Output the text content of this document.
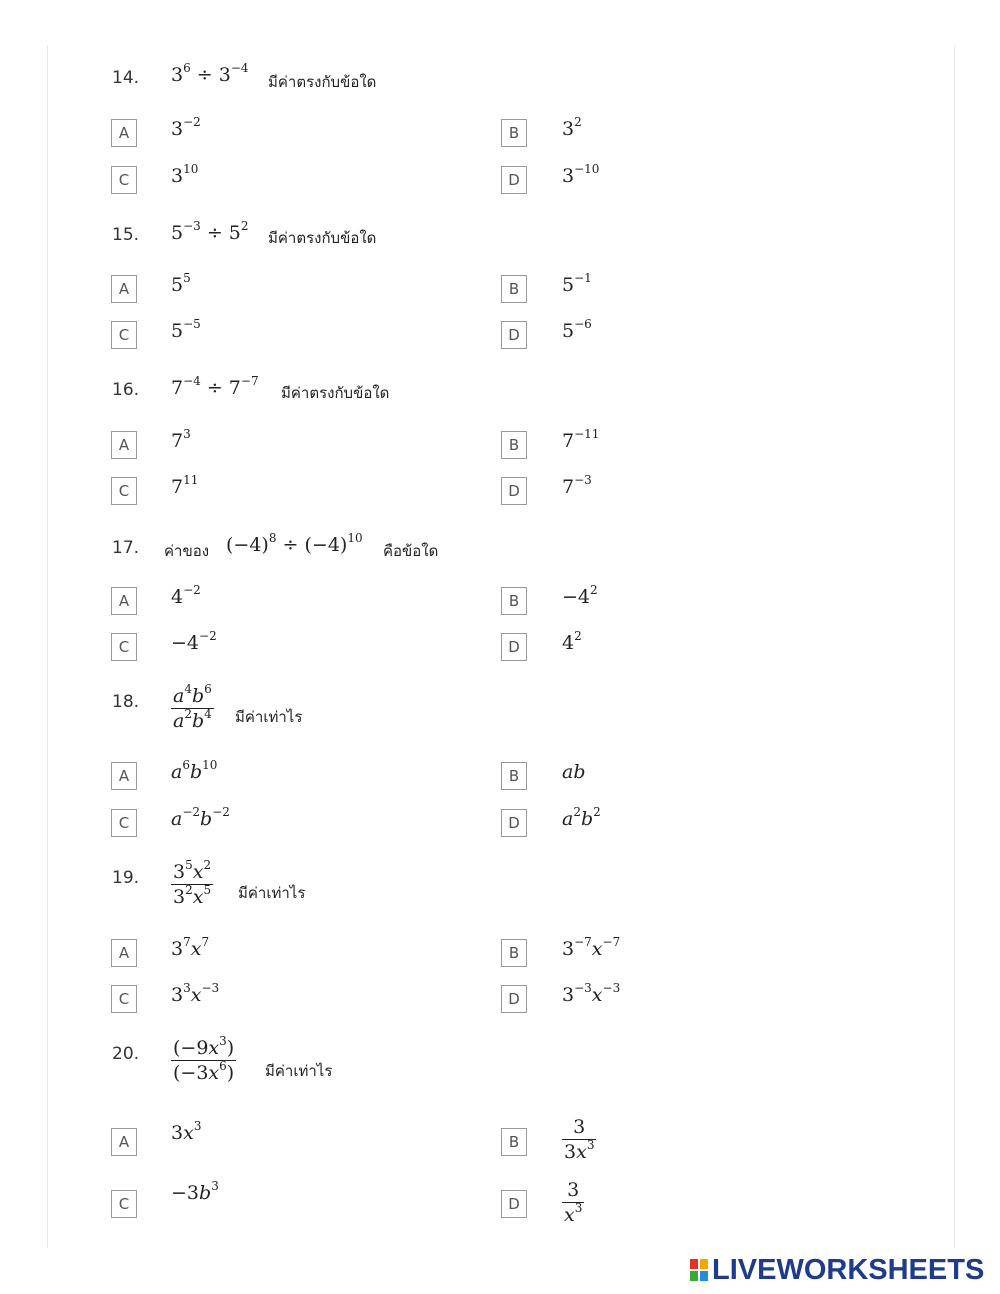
14. $3^6 \div 3^{-4}$
มีค่าตรงกับข้อใด
A	$3^{-2}$
B	$3^2$
C	$3^{10}$
D	$3^{-10}$
15. $5^{-3} \div 5^2$
มีค่าตรงกับข้อใด
A	$5^5$
B	$5^{-1}$
C	$5^{-5}$
D	$5^{-6}$
16. $7^{-4} \div 7^{-7}$
มีค่าตรงกับข้อใด
A	$7^3$
B	$7^{-11}$
C	$7^{11}$
D	$7^{-3}$
17. ค่าของ $(-4)^8 \div (-4)^{10}$
คือข้อใด
A	$4^{-2}$
B	$-4^2$
C	$-4^{-2}$
D	$4^2$
18. $\frac{a^4b^6}{a^2b^4}$ มีค่าเท่าไร
A	$a^6b^{10}$
B	ab
C	$a^{-2}b^{-2}$
D	$a^2b^2$
19. $\frac{3^5x^2}{3^2x^5}$ มีค่าเท่าไร
A	$3^7x^7$
B	$3^{-7}x^{-7}$
C	$3^3x^{-3}$
D	$3^{-3}x^{-3}$
20. $\frac{(-9x^3)}{(-3x^6)}$ มีค่าเท่าไร
A	$3x^3$
B	$\frac{3}{3x^3}$
C	$-3b^3$
D	$\frac{3}{x^3}$
LIVEWORKSHEETS
